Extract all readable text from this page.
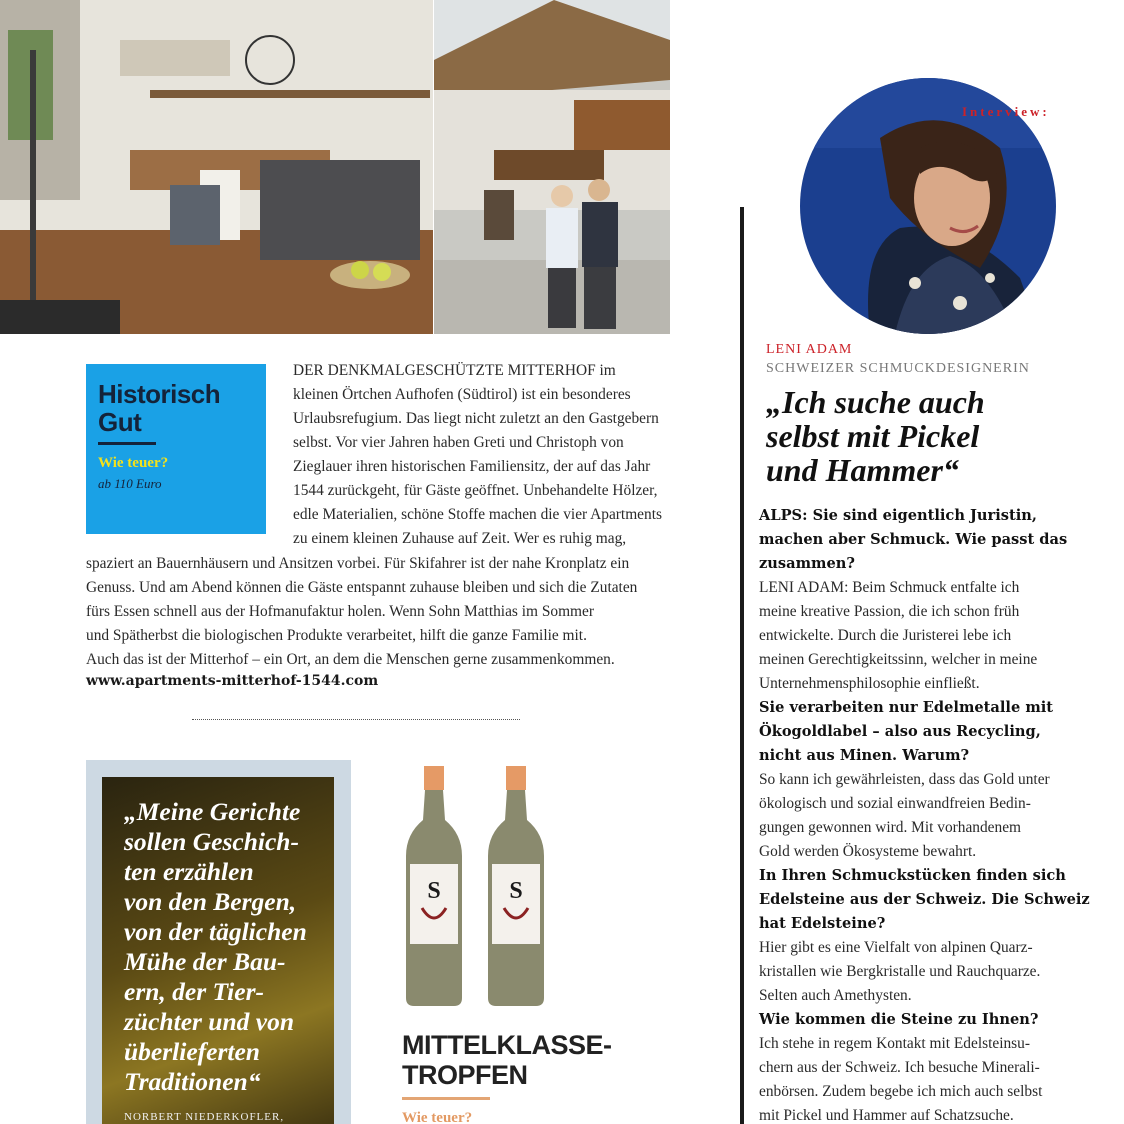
Historisch
Gut
Wie teuer?
ab 110 Euro
DER DENKMALGESCHÜTZTE MITTERHOF im
kleinen Örtchen Aufhofen (Südtirol) ist ein besonderes
Urlaubsrefugium. Das liegt nicht zuletzt an den Gastgebern
selbst. Vor vier Jahren haben Greti und Christoph von
Zieglauer ihren historischen Familiensitz, der auf das Jahr
1544 zurückgeht, für Gäste geöffnet. Unbehandelte Hölzer,
edle Materialien, schöne Stoffe machen die vier Apartments
zu einem kleinen Zuhause auf Zeit. Wer es ruhig mag,
spaziert an Bauernhäusern und Ansitzen vorbei. Für Skifahrer ist der nahe Kronplatz ein
Genuss. Und am Abend können die Gäste entspannt zuhause bleiben und sich die Zutaten
fürs Essen schnell aus der Hofmanufaktur holen. Wenn Sohn Matthias im Sommer
und Spätherbst die biologischen Produkte verarbeitet, hilft die ganze Familie mit.
Auch das ist der Mitterhof – ein Ort, an dem die Menschen gerne zusammenkommen.
www.apartments-mitterhof-1544.com
„Meine Gerichte
sollen Geschich-
ten erzählen
von den Bergen,
von der täglichen
Mühe der Bau-
ern, der Tier-
züchter und von
überlieferten
Traditionen“
NORBERT NIEDERKOFLER,
S	S
MITTELKLASSE-
TROPFEN
Wie teuer?
Interview:
LENI ADAM
SCHWEIZER SCHMUCKDESIGNERIN
„Ich suche auch
selbst mit Pickel
und Hammer“
ALPS: Sie sind eigentlich Juristin,
machen aber Schmuck. Wie passt das
zusammen?
LENI ADAM: Beim Schmuck entfalte ich
meine kreative Passion, die ich schon früh
entwickelte. Durch die Juristerei lebe ich
meinen Gerechtigkeitssinn, welcher in meine
Unternehmensphilosophie einfließt.
Sie verarbeiten nur Edelmetalle mit
Ökogoldlabel – also aus Recycling,
nicht aus Minen. Warum?
So kann ich gewährleisten, dass das Gold unter
ökologisch und sozial einwandfreien Bedin-
gungen gewonnen wird. Mit vorhandenem
Gold werden Ökosysteme bewahrt.
In Ihren Schmuckstücken finden sich
Edelsteine aus der Schweiz. Die Schweiz
hat Edelsteine?
Hier gibt es eine Vielfalt von alpinen Quarz-
kristallen wie Bergkristalle und Rauchquarze.
Selten auch Amethysten.
Wie kommen die Steine zu Ihnen?
Ich stehe in regem Kontakt mit Edelsteinsu-
chern aus der Schweiz. Ich besuche Minerali-
enbörsen. Zudem begebe ich mich auch selbst
mit Pickel und Hammer auf Schatzsuche.
